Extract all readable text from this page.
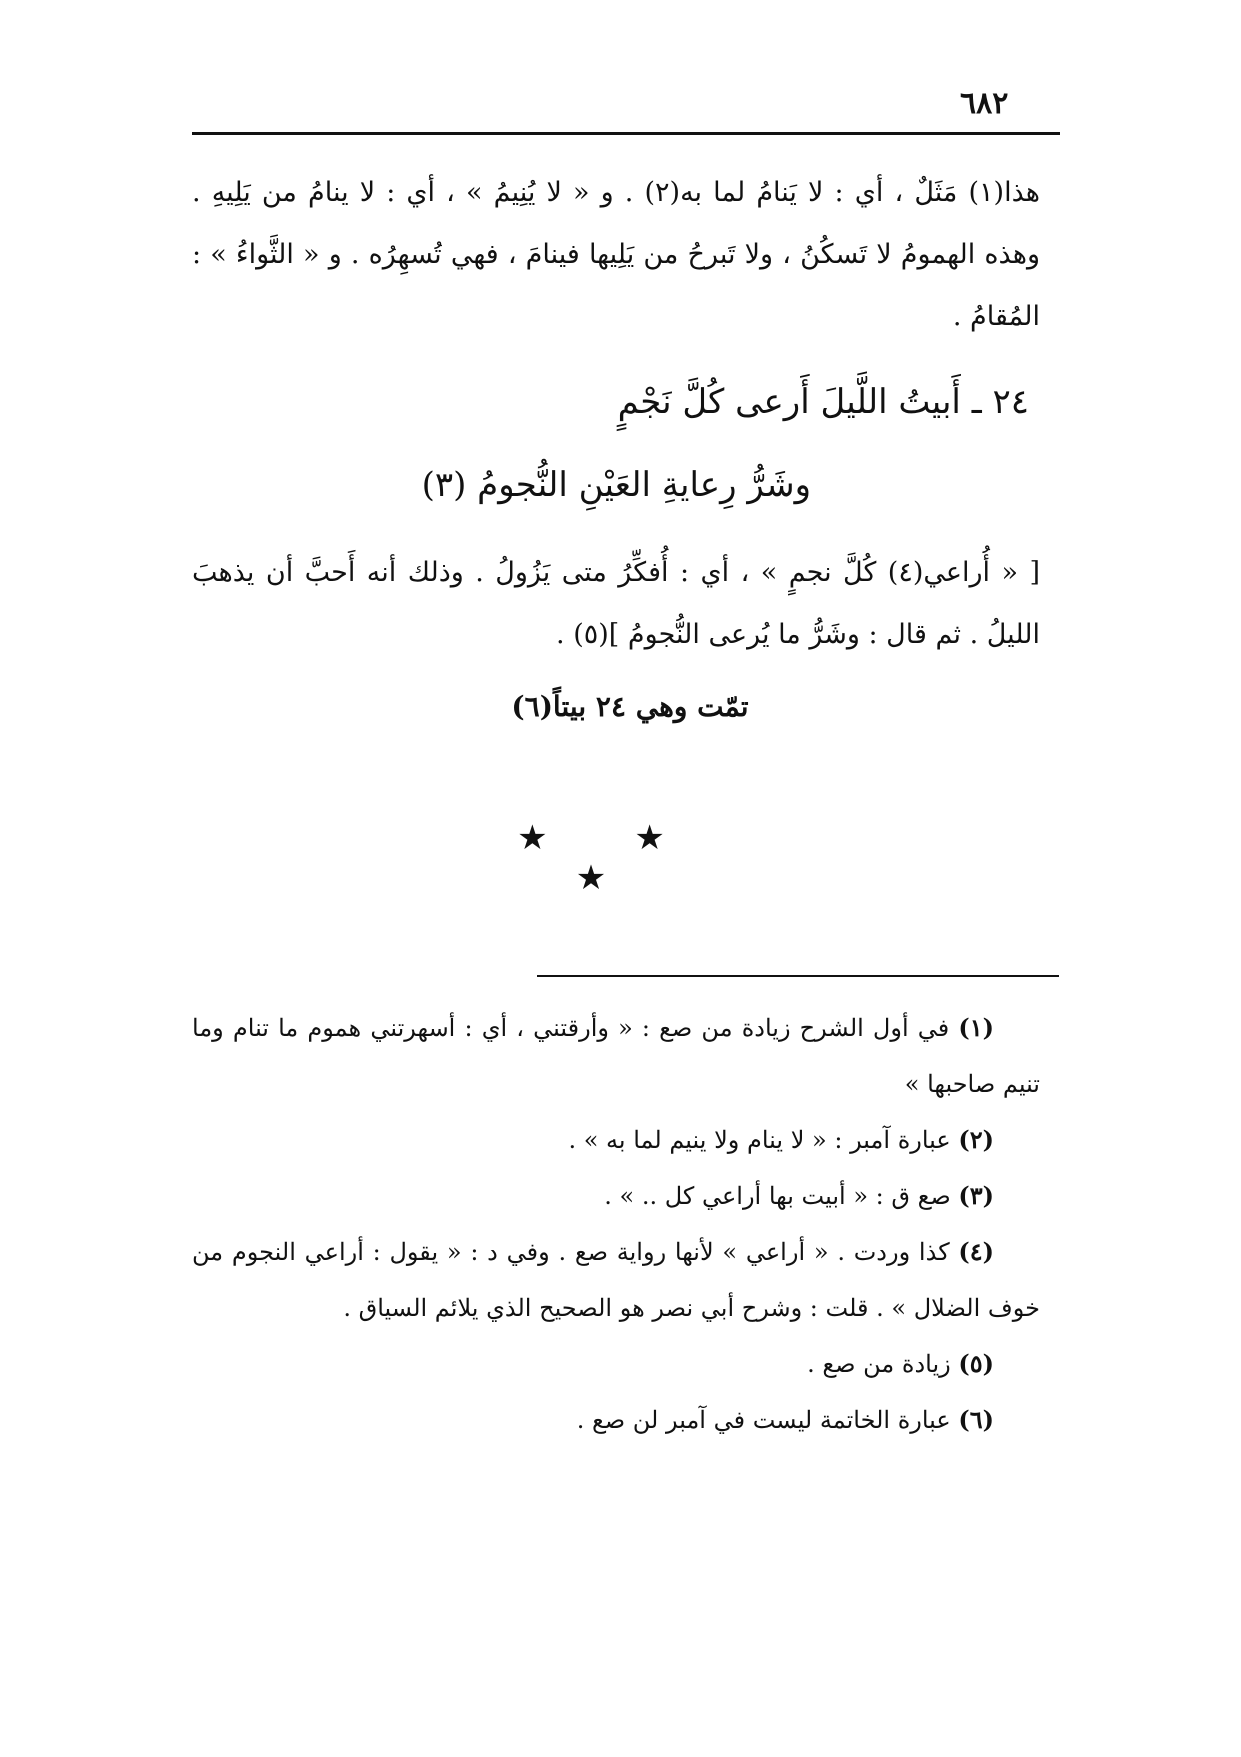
٦٨٢

هذا(١) مَثَلٌ ، أي : لا يَنامُ لما به(٢) . و « لا يُنِيمُ » ، أي : لا ينامُ من يَلِيهِ . وهذه الهمومُ لا تَسكُنُ ، ولا تَبرحُ من يَلِيها فينامَ ، فهي تُسهِرُه . و « الثَّواءُ » : المُقامُ .

٢٤ ـ أَبيتُ اللَّيلَ أَرعى كُلَّ نَجْمٍ

وشَرُّ رِعايةِ العَيْنِ النُّجومُ (٣)

[ « أُراعي(٤) كُلَّ نجمٍ » ، أي : أُفكِّرُ متى يَزُولُ . وذلك أنه أَحبَّ أن يذهبَ الليلُ . ثم قال : وشَرُّ ما يُرعى النُّجومُ ](٥) .

تمّت وهي ٢٤ بيتاً(٦)
★ ★ ★

(١) في أول الشرح زيادة من صع : « وأرقتني ، أي : أسهرتني هموم ما تنام وما تنيم صاحبها »

(٢) عبارة آمبر : « لا ينام ولا ينيم لما به » .

(٣) صع ق : « أبيت بها أراعي كل .. » .

(٤) كذا وردت . « أراعي » لأنها رواية صع . وفي د : « يقول : أراعي النجوم من خوف الضلال » . قلت : وشرح أبي نصر هو الصحيح الذي يلائم السياق .

(٥) زيادة من صع .

(٦) عبارة الخاتمة ليست في آمبر لن صع .
